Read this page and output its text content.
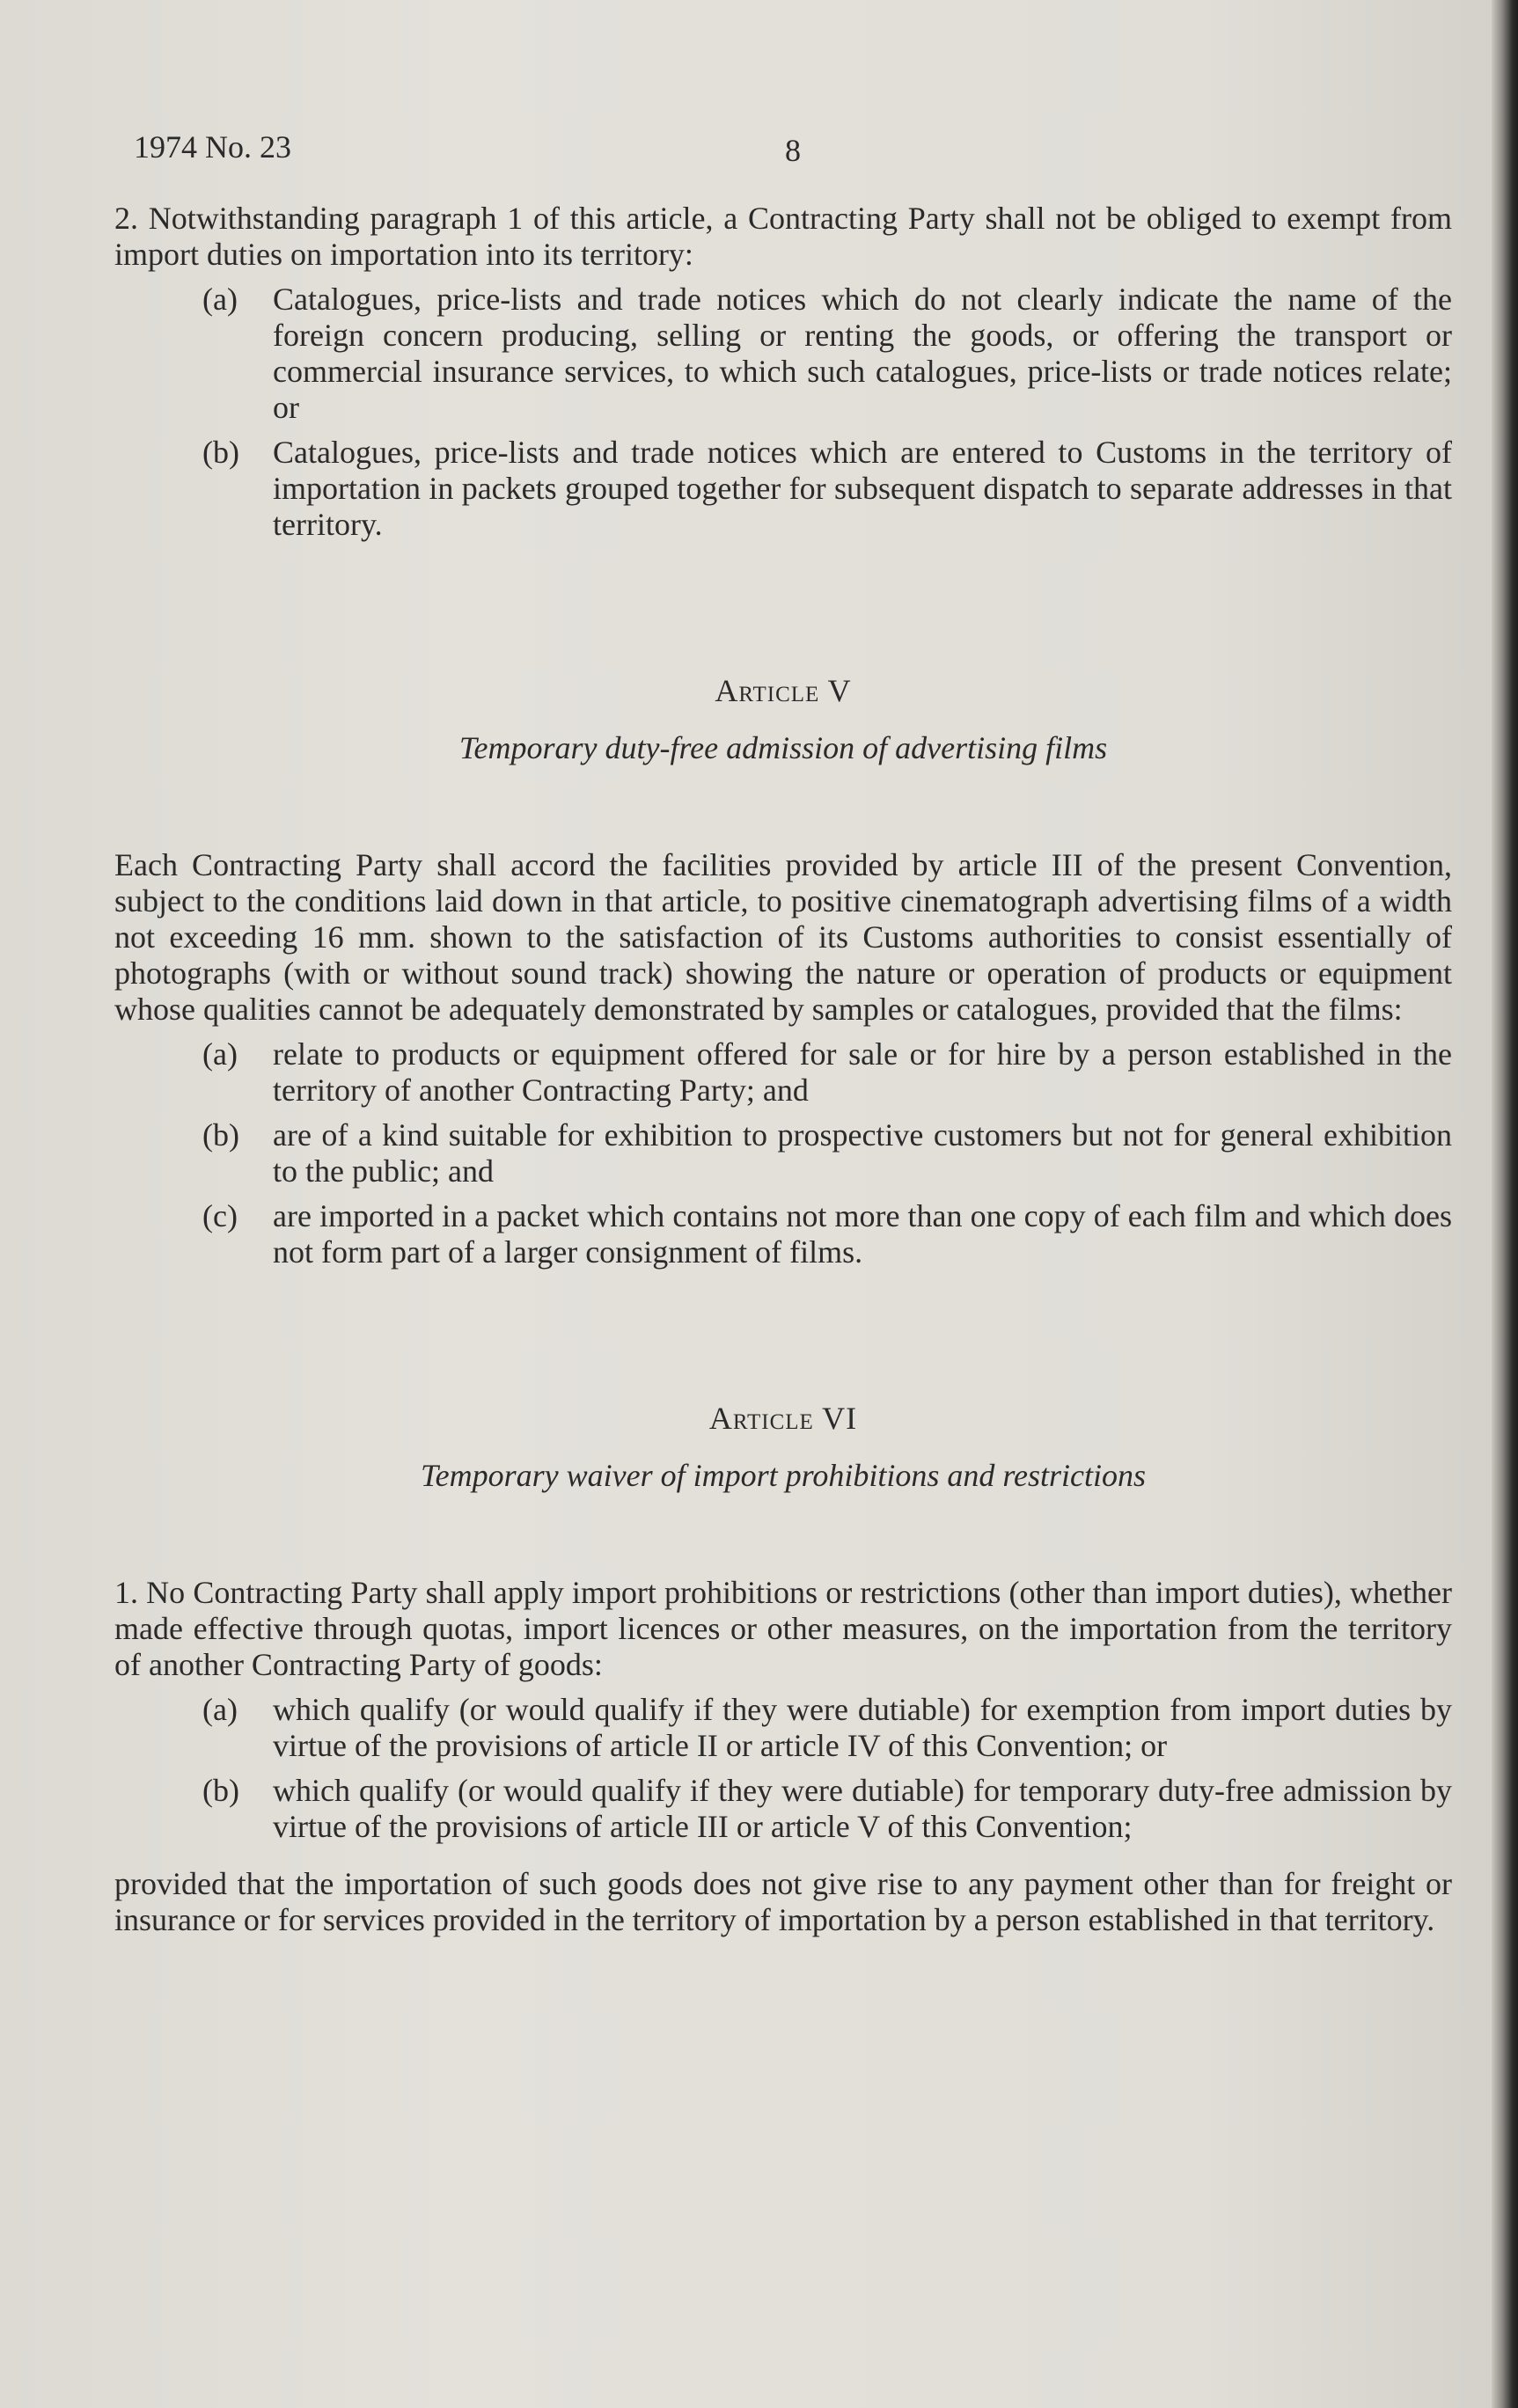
1974 No. 23	8

2. Notwithstanding paragraph 1 of this article, a Contracting Party shall not be obliged to exempt from import duties on importation into its territory:

(a)	Catalogues, price-lists and trade notices which do not clearly indicate the name of the foreign concern producing, selling or renting the goods, or offering the transport or commercial insurance services, to which such catalogues, price-lists or trade notices relate; or
(b)	Catalogues, price-lists and trade notices which are entered to Customs in the territory of importation in packets grouped together for subsequent dispatch to separate addresses in that territory.
Article V
Temporary duty-free admission of advertising films

Each Contracting Party shall accord the facilities provided by article III of the present Convention, subject to the conditions laid down in that article, to positive cinematograph advertising films of a width not exceeding 16 mm. shown to the satisfaction of its Customs authorities to consist essentially of photographs (with or without sound track) showing the nature or operation of products or equipment whose qualities cannot be adequately demonstrated by samples or catalogues, provided that the films:

(a)	relate to products or equipment offered for sale or for hire by a person established in the territory of another Contracting Party; and
(b)	are of a kind suitable for exhibition to prospective customers but not for general exhibition to the public; and
(c)	are imported in a packet which contains not more than one copy of each film and which does not form part of a larger consignment of films.
Article VI
Temporary waiver of import prohibitions and restrictions

1. No Contracting Party shall apply import prohibitions or restrictions (other than import duties), whether made effective through quotas, import licences or other measures, on the importation from the territory of another Contracting Party of goods:

(a)	which qualify (or would qualify if they were dutiable) for exemption from import duties by virtue of the provisions of article II or article IV of this Convention; or
(b)	which qualify (or would qualify if they were dutiable) for temporary duty-free admission by virtue of the provisions of article III or article V of this Convention;

provided that the importation of such goods does not give rise to any payment other than for freight or insurance or for services provided in the territory of importation by a person established in that territory.
